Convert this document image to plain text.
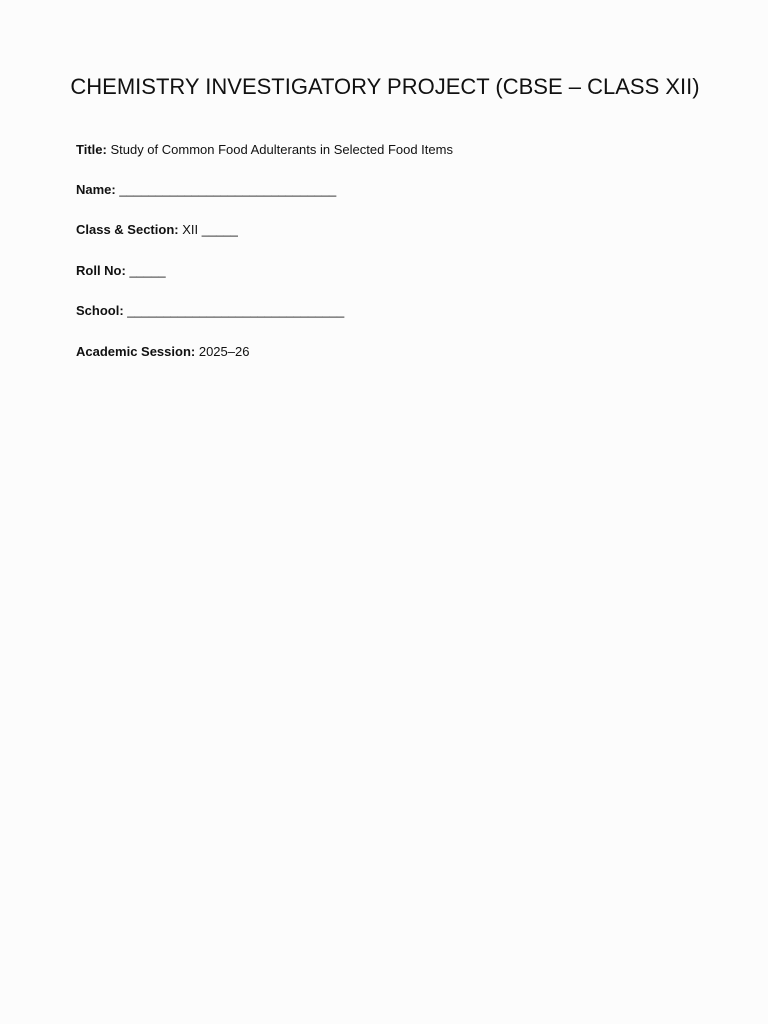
CHEMISTRY INVESTIGATORY PROJECT (CBSE – CLASS XII)
Title: Study of Common Food Adulterants in Selected Food Items
Name: ______________________________
Class & Section: XII _____
Roll No: _____
School: ______________________________
Academic Session: 2025–26
